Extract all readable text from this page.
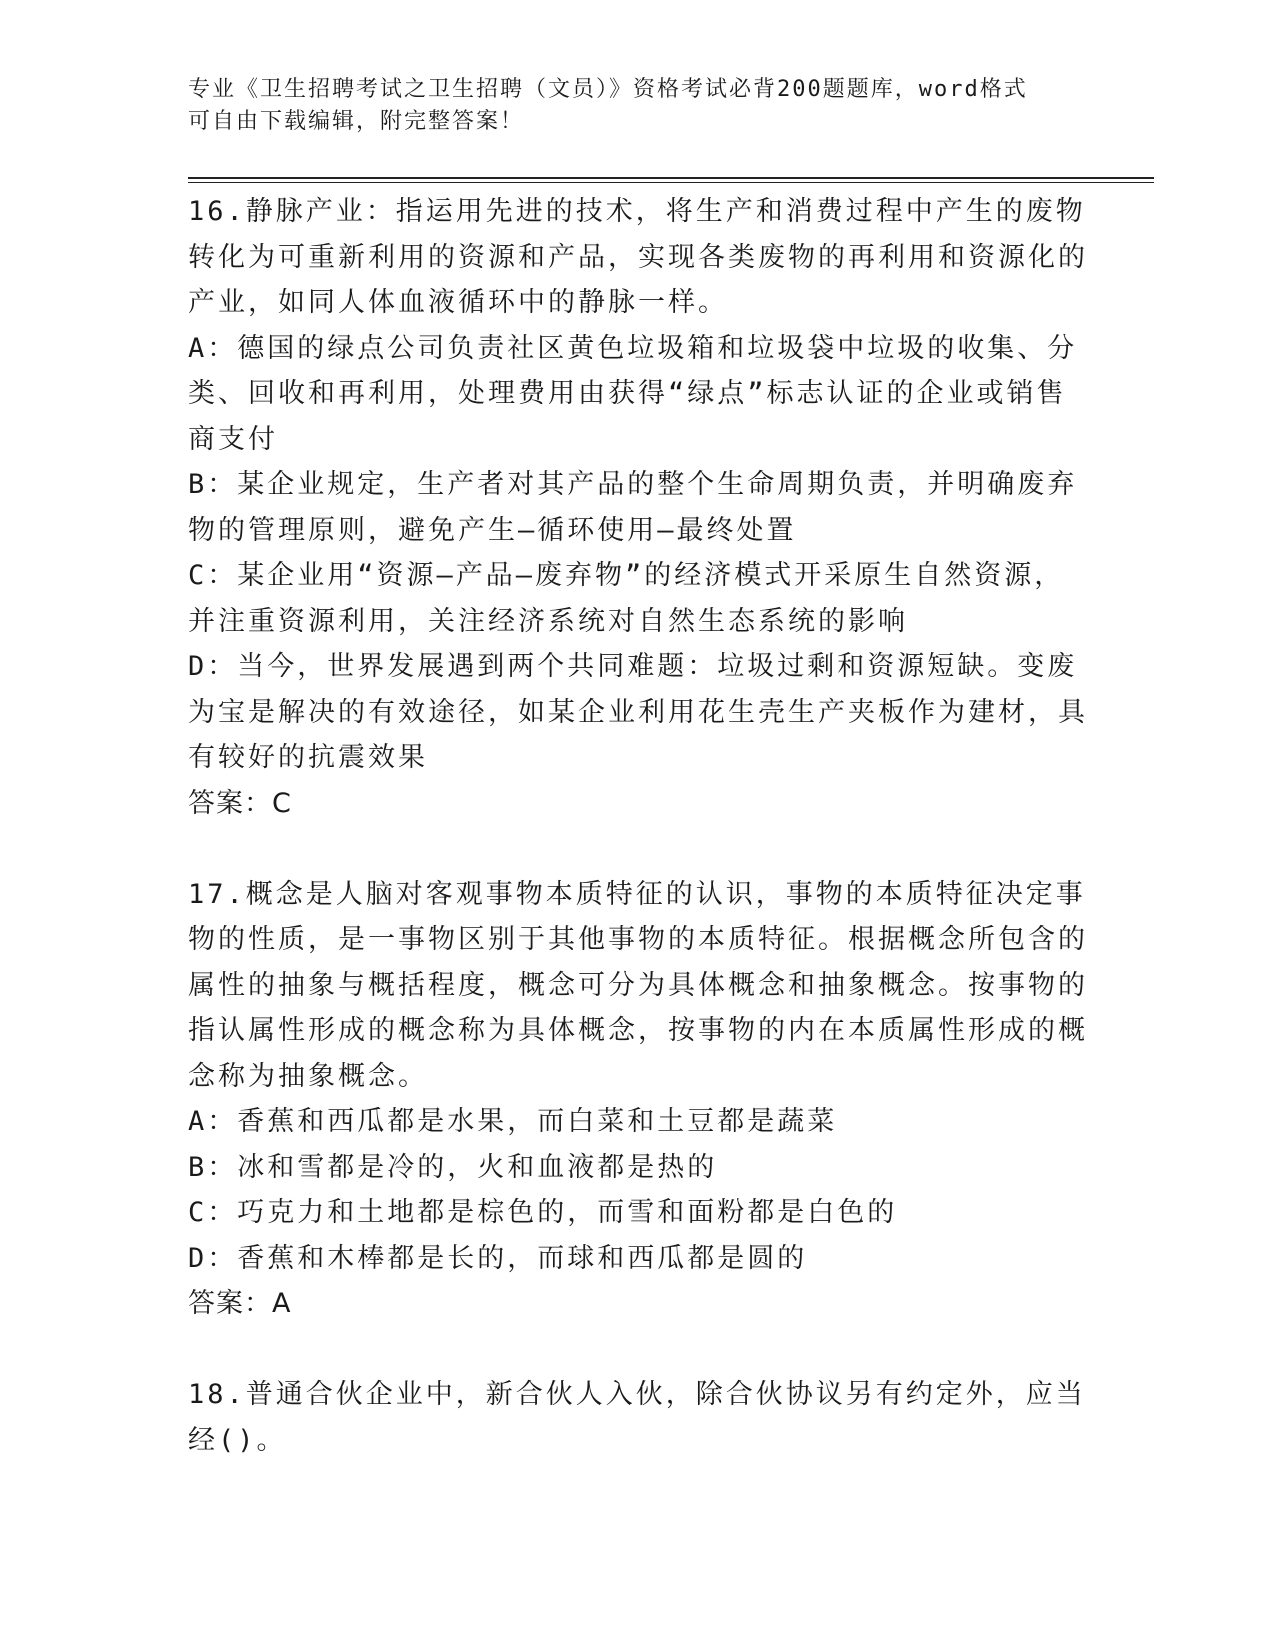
专业《卫生招聘考试之卫生招聘（文员）》资格考试必背200题题库，word格式
可自由下载编辑，附完整答案！
16.静脉产业：指运用先进的技术，将生产和消费过程中产生的废物转化为可重新利用的资源和产品，实现各类废物的再利用和资源化的产业，如同人体血液循环中的静脉一样。
A：德国的绿点公司负责社区黄色垃圾箱和垃圾袋中垃圾的收集、分类、回收和再利用，处理费用由获得“绿点”标志认证的企业或销售商支付
B：某企业规定，生产者对其产品的整个生命周期负责，并明确废弃物的管理原则，避免产生—循环使用—最终处置
C：某企业用“资源—产品—废弃物”的经济模式开采原生自然资源，并注重资源利用，关注经济系统对自然生态系统的影响
D：当今，世界发展遇到两个共同难题：垃圾过剩和资源短缺。变废为宝是解决的有效途径，如某企业利用花生壳生产夹板作为建材，具有较好的抗震效果
答案：C
17.概念是人脑对客观事物本质特征的认识，事物的本质特征决定事物的性质，是一事物区别于其他事物的本质特征。根据概念所包含的属性的抽象与概括程度，概念可分为具体概念和抽象概念。按事物的指认属性形成的概念称为具体概念，按事物的内在本质属性形成的概念称为抽象概念。
A：香蕉和西瓜都是水果，而白菜和土豆都是蔬菜
B：冰和雪都是冷的，火和血液都是热的
C：巧克力和土地都是棕色的，而雪和面粉都是白色的
D：香蕉和木棒都是长的，而球和西瓜都是圆的
答案：A
18.普通合伙企业中，新合伙人入伙，除合伙协议另有约定外，应当经()。
